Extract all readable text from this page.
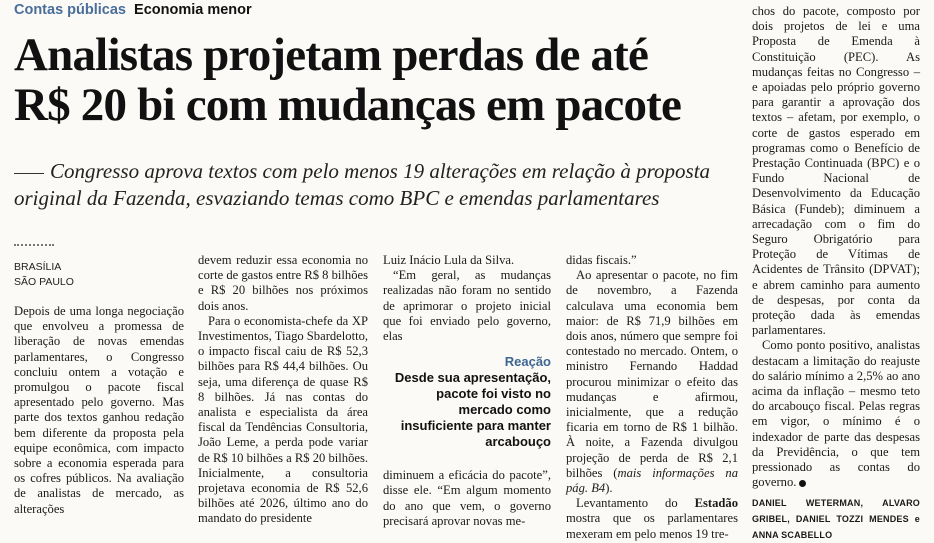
Contas públicas Economia menor
Analistas projetam perdas de até
R$ 20 bi com mudanças em pacote
Congresso aprova textos com pelo menos 19 alterações em relação à proposta original da Fazenda, esvaziando temas como BPC e emendas parlamentares
BRASÍLIA
SÃO PAULO

Depois de uma longa negociação que envolveu a promessa de liberação de novas emendas parlamentares, o Congresso concluiu ontem a votação e promulgou o pacote fiscal apresentado pelo governo. Mas parte dos textos ganhou redação bem diferente da proposta pela equipe econômica, com impacto sobre a economia esperada para os cofres públicos. Na avaliação de analistas de mercado, as alterações

devem reduzir essa economia no corte de gastos entre R$ 8 bilhões e R$ 20 bilhões nos próximos dois anos.

Para o economista-chefe da XP Investimentos, Tiago Sbardelotto, o impacto fiscal caiu de R$ 52,3 bilhões para R$ 44,4 bilhões. Ou seja, uma diferença de quase R$ 8 bilhões. Já nas contas do analista e especialista da área fiscal da Tendências Consultoria, João Leme, a perda pode variar de R$ 10 bilhões a R$ 20 bilhões. Inicialmente, a consultoria projetava economia de R$ 52,6 bilhões até 2026, último ano do mandato do presidente

Luiz Inácio Lula da Silva.

“Em geral, as mudanças realizadas não foram no sentido de aprimorar o projeto inicial que foi enviado pelo governo, elas

Reação
Desde sua apresentação, pacote foi visto no mercado como insuficiente para manter arcabouço

diminuem a eficácia do pacote”, disse ele. “Em algum momento do ano que vem, o governo precisará aprovar novas me-

didas fiscais.”

Ao apresentar o pacote, no fim de novembro, a Fazenda calculava uma economia bem maior: de R$ 71,9 bilhões em dois anos, número que sempre foi contestado no mercado. Ontem, o ministro Fernando Haddad procurou minimizar o efeito das mudanças e afirmou, inicialmente, que a redução ficaria em torno de R$ 1 bilhão. À noite, a Fazenda divulgou projeção de perda de R$ 2,1 bilhões (mais informações na pág. B4).

Levantamento do Estadão mostra que os parlamentares mexeram em pelo menos 19 tre-

chos do pacote, composto por dois projetos de lei e uma Proposta de Emenda à Constituição (PEC). As mudanças feitas no Congresso – e apoiadas pelo próprio governo para garantir a aprovação dos textos – afetam, por exemplo, o corte de gastos esperado em programas como o Benefício de Prestação Continuada (BPC) e o Fundo Nacional de Desenvolvimento da Educação Básica (Fundeb); diminuem a arrecadação com o fim do Seguro Obrigatório para Proteção de Vítimas de Acidentes de Trânsito (DPVAT); e abrem caminho para aumento de despesas, por conta da proteção dada às emendas parlamentares.

Como ponto positivo, analistas destacam a limitação do reajuste do salário mínimo a 2,5% ao ano acima da inflação – mesmo teto do arcabouço fiscal. Pelas regras em vigor, o mínimo é o indexador de parte das despesas da Previdência, o que tem pressionado as contas do governo.

DANIEL WETERMAN, ALVARO GRIBEL, DANIEL TOZZI MENDES e ANNA SCABELLO
